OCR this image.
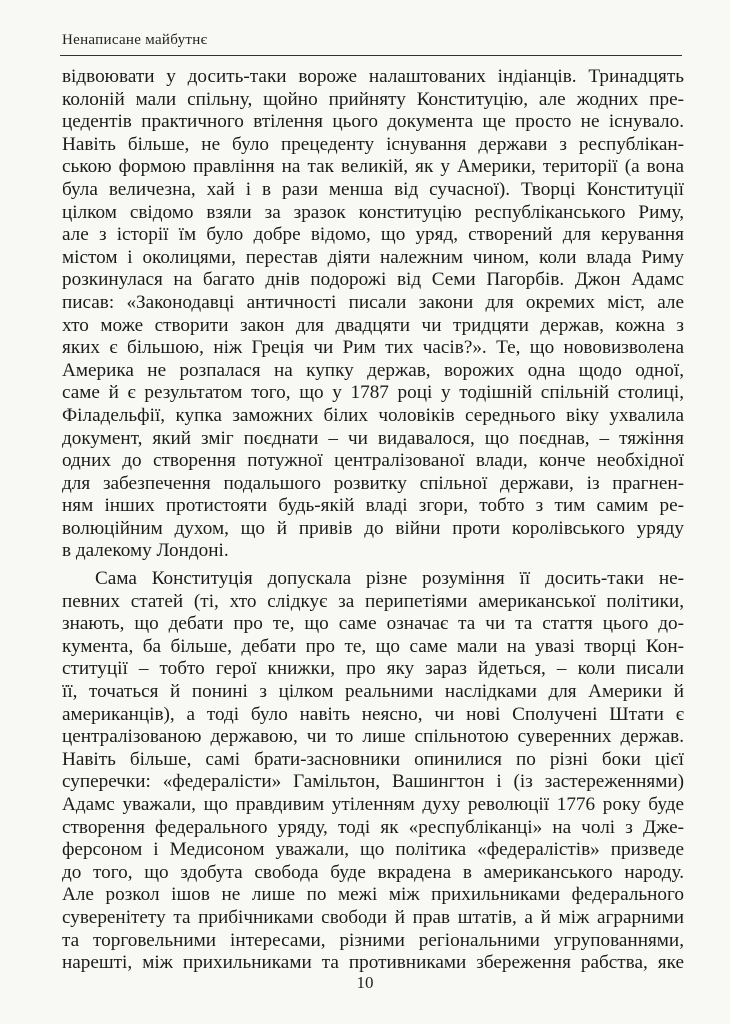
Ненаписане майбутнє
відвоювати у досить-таки вороже налаштованих індіанців. Тринадцять
колоній мали спільну, щойно прийняту Конституцію, але жодних пре-
цедентів практичного втілення цього документа ще просто не існувало.
Навіть більше, не було прецеденту існування держави з республікан-
ською формою правління на так великій, як у Америки, території (а вона
була величезна, хай і в рази менша від сучасної). Творці Конституції
цілком свідомо взяли за зразок конституцію республіканського Риму,
але з історії їм було добре відомо, що уряд, створений для керування
містом і околицями, перестав діяти належним чином, коли влада Риму
розкинулася на багато днів подорожі від Семи Пагорбів. Джон Адамс
писав: «Законодавці античності писали закони для окремих міст, але
хто може створити закон для двадцяти чи тридцяти держав, кожна з
яких є більшою, ніж Греція чи Рим тих часів?». Те, що нововизволена
Америка не розпалася на купку держав, ворожих одна щодо одної,
саме й є результатом того, що у 1787 році у тодішній спільній столиці,
Філадельфії, купка заможних білих чоловіків середнього віку ухвалила
документ, який зміг поєднати – чи видавалося, що поєднав, – тяжіння
одних до створення потужної централізованої влади, конче необхідної
для забезпечення подальшого розвитку спільної держави, із прагнен-
ням інших протистояти будь-якій владі згори, тобто з тим самим ре-
волюційним духом, що й привів до війни проти королівського уряду
в далекому Лондоні.
Сама Конституція допускала різне розуміння її досить-таки не-
певних статей (ті, хто слідкує за перипетіями американської політики,
знають, що дебати про те, що саме означає та чи та стаття цього до-
кумента, ба більше, дебати про те, що саме мали на увазі творці Кон-
ституції – тобто герої книжки, про яку зараз йдеться, – коли писали
її, точаться й понині з цілком реальними наслідками для Америки й
американців), а тоді було навіть неясно, чи нові Сполучені Штати є
централізованою державою, чи то лише спільнотою суверенних держав.
Навіть більше, самі брати-засновники опинилися по різні боки цієї
суперечки: «федералісти» Гамільтон, Вашингтон і (із застереженнями)
Адамс уважали, що правдивим утіленням духу революції 1776 року буде
створення федерального уряду, тоді як «республіканці» на чолі з Дже-
ферсоном і Медисоном уважали, що політика «федералістів» призведе
до того, що здобута свобода буде вкрадена в американського народу.
Але розкол ішов не лише по межі між прихильниками федерального
суверенітету та прибічниками свободи й прав штатів, а й між аграрними
та торговельними інтересами, різними регіональними угрупованнями,
нарешті, між прихильниками та противниками збереження рабства, яке
10
